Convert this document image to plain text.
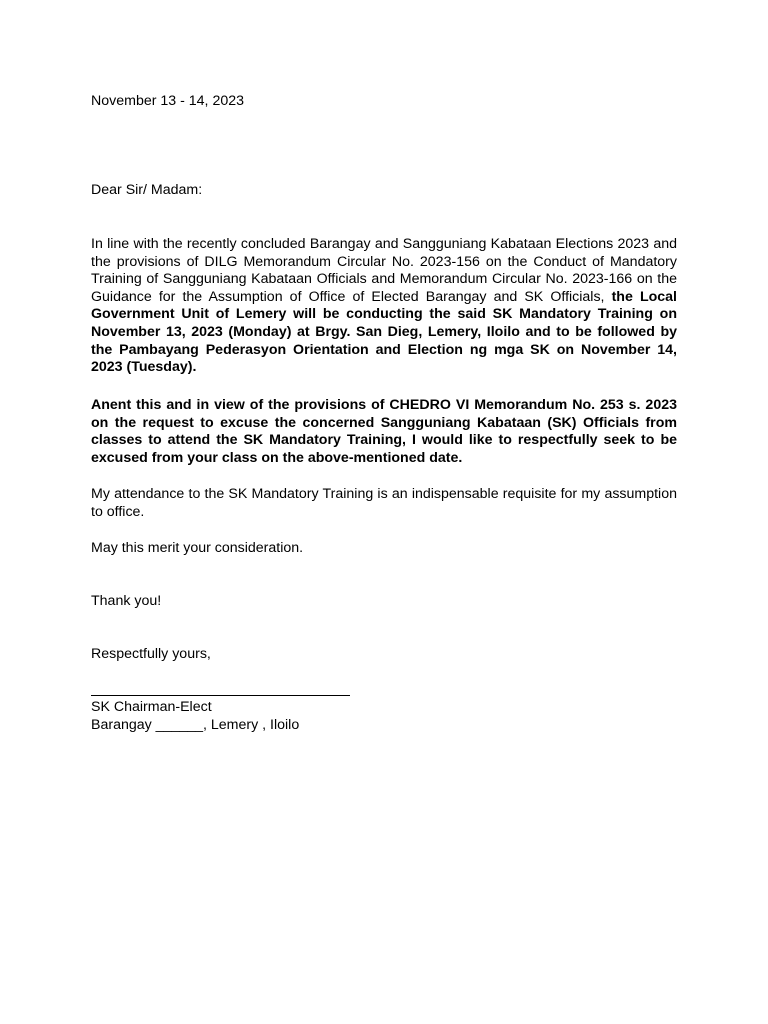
November 13 - 14, 2023

Dear Sir/ Madam:

In line with the recently concluded Barangay and Sangguniang Kabataan Elections 2023 and the provisions of DILG Memorandum Circular No. 2023-156 on the Conduct of Mandatory Training of Sangguniang Kabataan Officials and Memorandum Circular No. 2023-166 on the Guidance for the Assumption of Office of Elected Barangay and SK Officials, the Local Government Unit of Lemery will be conducting the said SK Mandatory Training on November 13, 2023 (Monday) at Brgy. San Dieg, Lemery, Iloilo and to be followed by the Pambayang Pederasyon Orientation and Election ng mga SK on November 14, 2023 (Tuesday).

Anent this and in view of the provisions of CHEDRO VI Memorandum No. 253 s. 2023 on the request to excuse the concerned Sangguniang Kabataan (SK) Officials from classes to attend the SK Mandatory Training, I would like to respectfully seek to be excused from your class on the above-mentioned date.

My attendance to the SK Mandatory Training is an indispensable requisite for my assumption to office.

May this merit your consideration.

Thank you!

Respectfully yours,

SK Chairman-Elect

Barangay ______, Lemery , Iloilo
